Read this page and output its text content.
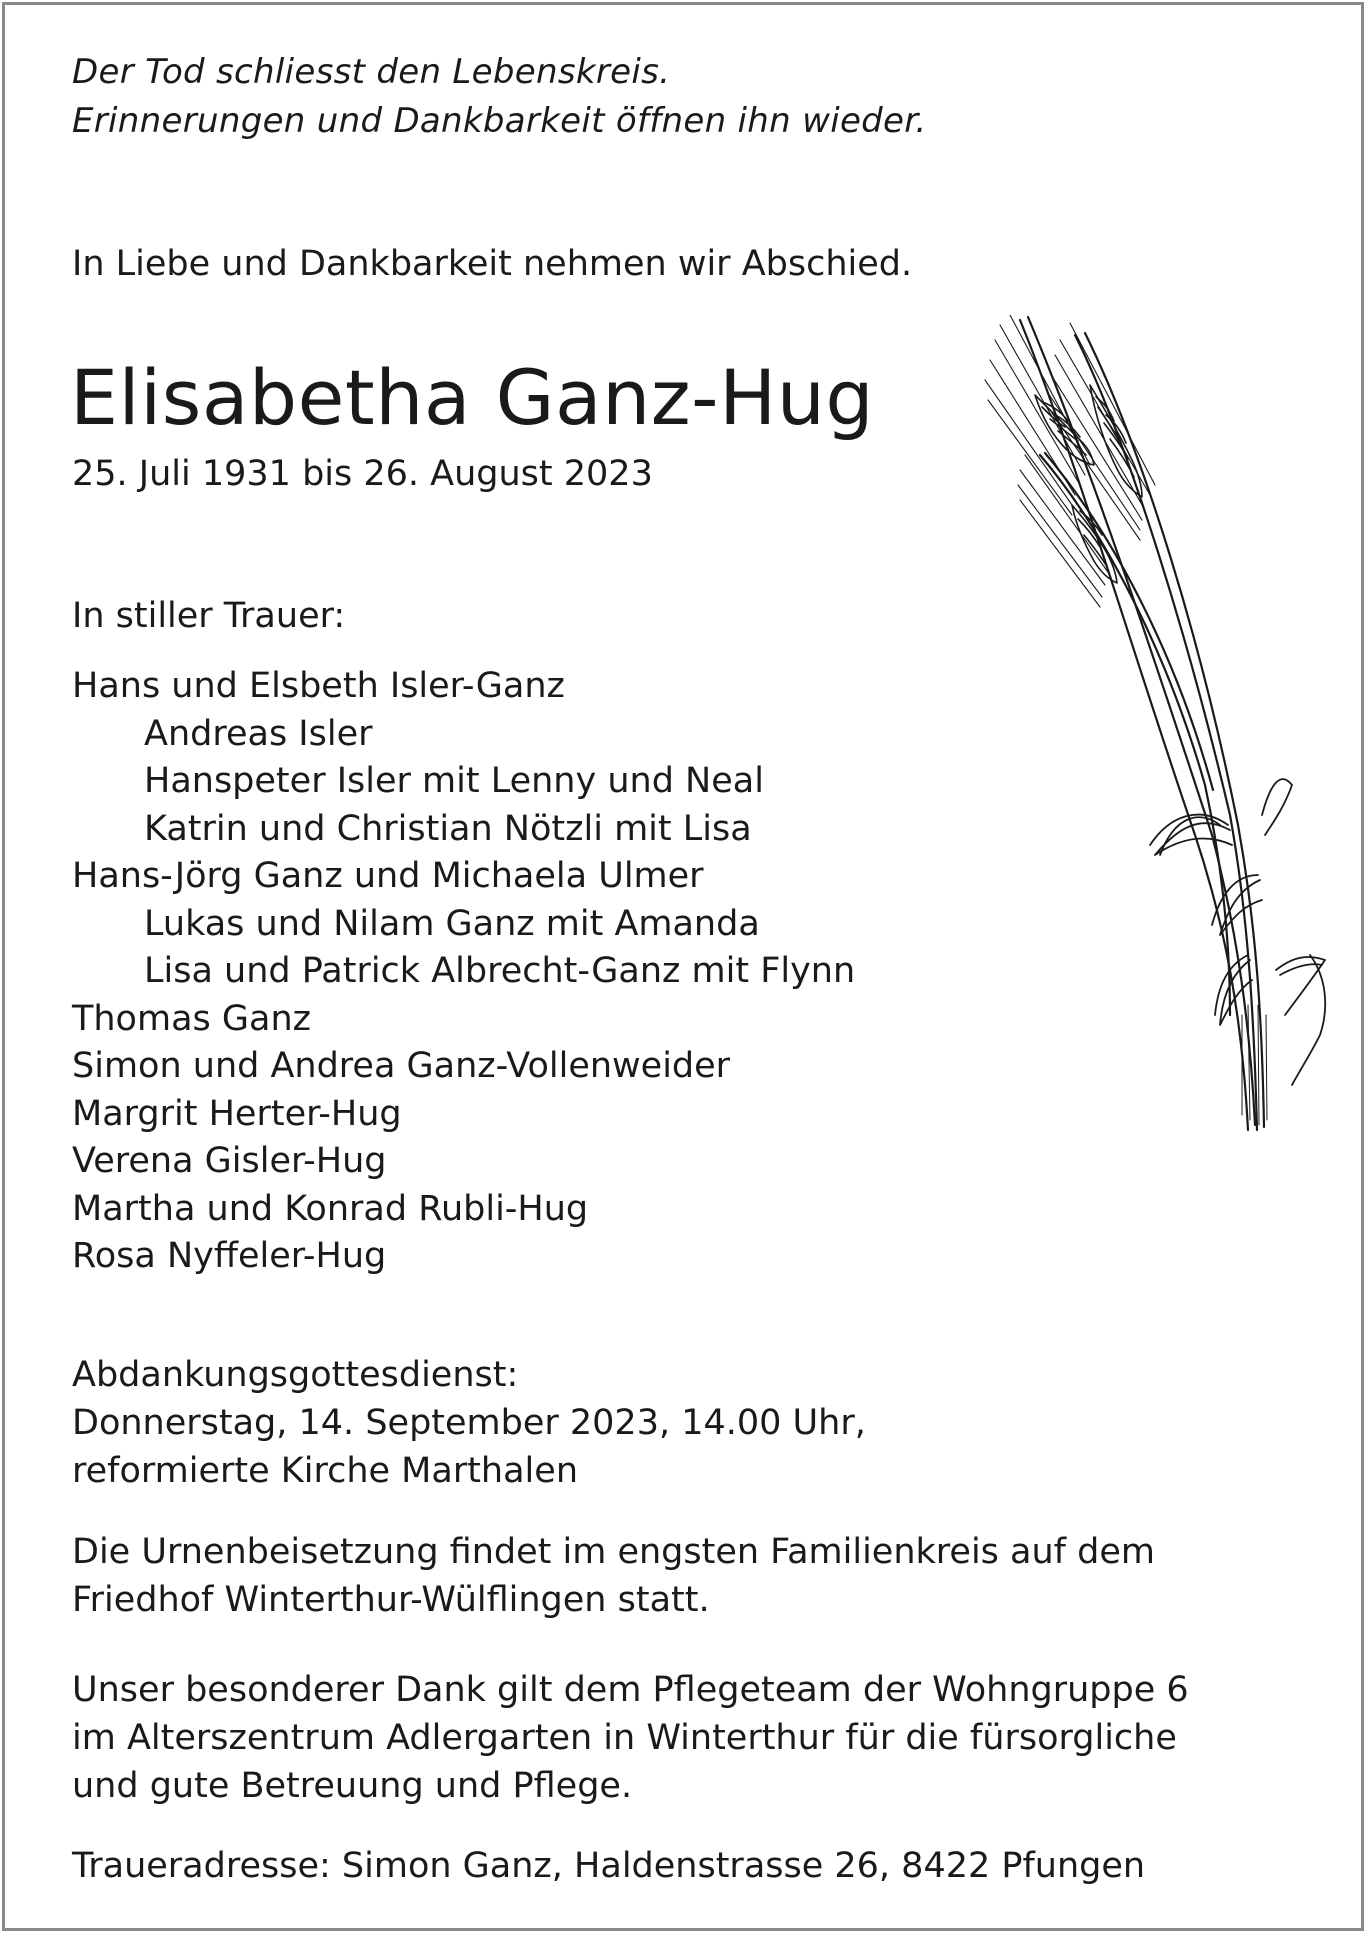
Der Tod schliesst den Lebenskreis.
Erinnerungen und Dankbarkeit öffnen ihn wieder.

In Liebe und Dankbarkeit nehmen wir Abschied.

Elisabetha Ganz-Hug

25. Juli 1931 bis 26. August 2023

In stiller Trauer:

Hans und Elsbeth Isler-Ganz
Andreas Isler
Hanspeter Isler mit Lenny und Neal
Katrin und Christian Nötzli mit Lisa
Hans-Jörg Ganz und Michaela Ulmer
Lukas und Nilam Ganz mit Amanda
Lisa und Patrick Albrecht-Ganz mit Flynn
Thomas Ganz
Simon und Andrea Ganz-Vollenweider
Margrit Herter-Hug
Verena Gisler-Hug
Martha und Konrad Rubli-Hug
Rosa Nyffeler-Hug

Abdankungsgottesdienst:
Donnerstag, 14. September 2023, 14.00 Uhr,
reformierte Kirche Marthalen

Die Urnenbeisetzung findet im engsten Familienkreis auf dem
Friedhof Winterthur-Wülflingen statt.

Unser besonderer Dank gilt dem Pflegeteam der Wohngruppe 6
im Alterszentrum Adlergarten in Winterthur für die fürsorgliche
und gute Betreuung und Pflege.

Traueradresse: Simon Ganz, Haldenstrasse 26, 8422 Pfungen
